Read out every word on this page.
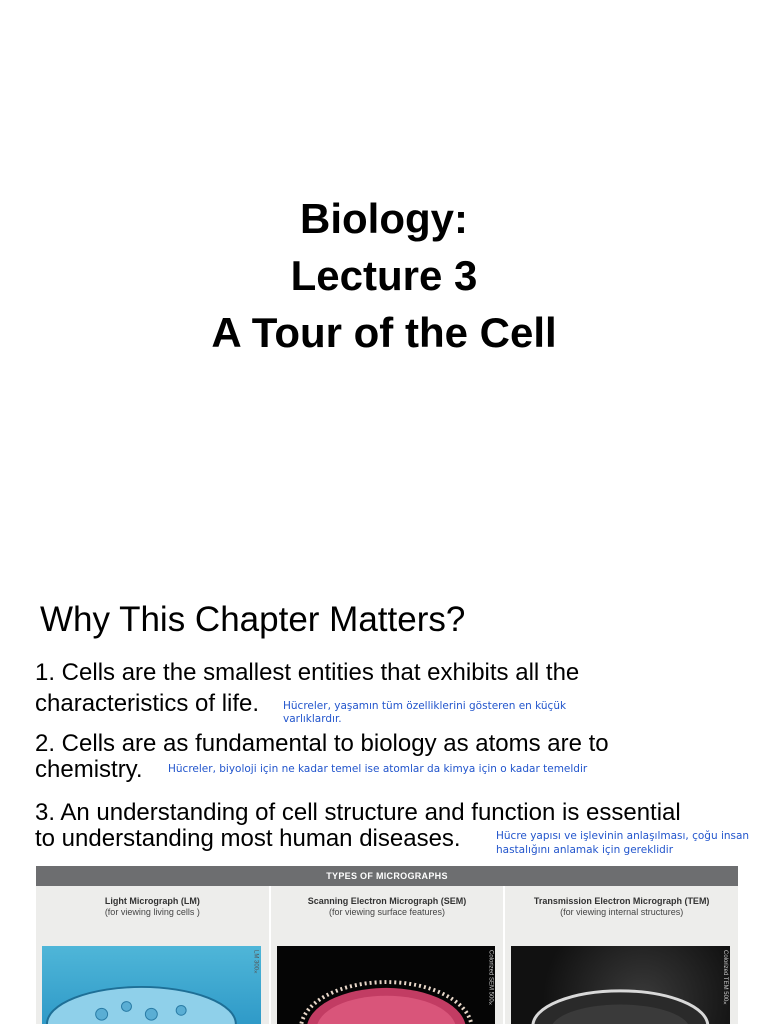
Biology:
Lecture 3
A Tour of the Cell
Why This Chapter Matters?
1. Cells are the smallest entities that exhibits all the
characteristics of life. Hücreler, yaşamın tüm özelliklerini gösteren en küçük
varlıklardır.
2. Cells are as fundamental to biology as atoms are to
chemistry. Hücreler, biyoloji için ne kadar temel ise atomlar da kimya için o kadar temeldir
3. An understanding of cell structure and function is essential
to understanding most human diseases.	Hücre yapısı ve işlevinin anlaşılması, çoğu insan
hastalığını anlamak için gereklidir
TYPES OF MICROGRAPHS
Light Micrograph (LM)
(for viewing living cells )
LM 300×
Scanning Electron Micrograph (SEM)
(for viewing surface features)
Colorized SEM 500×
Transmission Electron Micrograph (TEM)
(for viewing internal structures)
Colorized TEM 500×
